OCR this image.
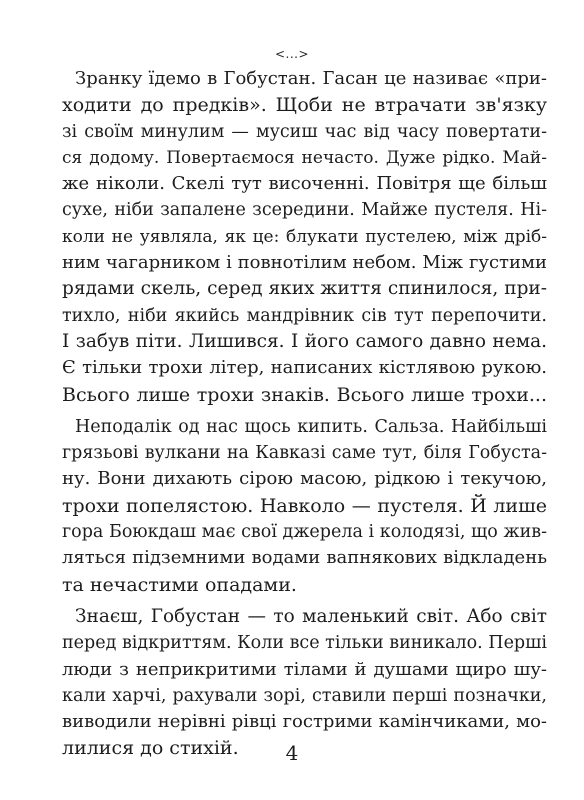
<...>
Зранку їдемо в Гобустан. Гасан це називає «при-
ходити до предків». Щоби не втрачати зв'язку
зі своїм минулим — мусиш час від часу повертати-
ся додому. Повертаємося нечасто. Дуже рідко. Май-
же ніколи. Скелі тут височенні. Повітря ще більш
сухе, ніби запалене зсередини. Майже пустеля. Ні-
коли не уявляла, як це: блукати пустелею, між дріб-
ним чагарником і повнотілим небом. Між густими
рядами скель, серед яких життя спинилося, при-
тихло, ніби якийсь мандрівник сів тут перепочити.
І забув піти. Лишився. І його самого давно нема.
Є тільки трохи літер, написаних кістлявою рукою.
Всього лише трохи знаків. Всього лише трохи...
Неподалік од нас щось кипить. Сальза. Найбільші
грязьові вулкани на Кавказі саме тут, біля Гобуста-
ну. Вони дихають сірою масою, рідкою і текучою,
трохи попелястою. Навколо — пустеля. Й лише
гора Боюкдаш має свої джерела і колодязі, що жив-
ляться підземними водами вапнякових відкладень
та нечастими опадами.
Знаєш, Гобустан — то маленький світ. Або світ
перед відкриттям. Коли все тільки виникало. Перші
люди з неприкритими тілами й душами щиро шу-
кали харчі, рахували зорі, ставили перші позначки,
виводили нерівні рівці гострими камінчиками, мо-
лилися до стихій.	4
